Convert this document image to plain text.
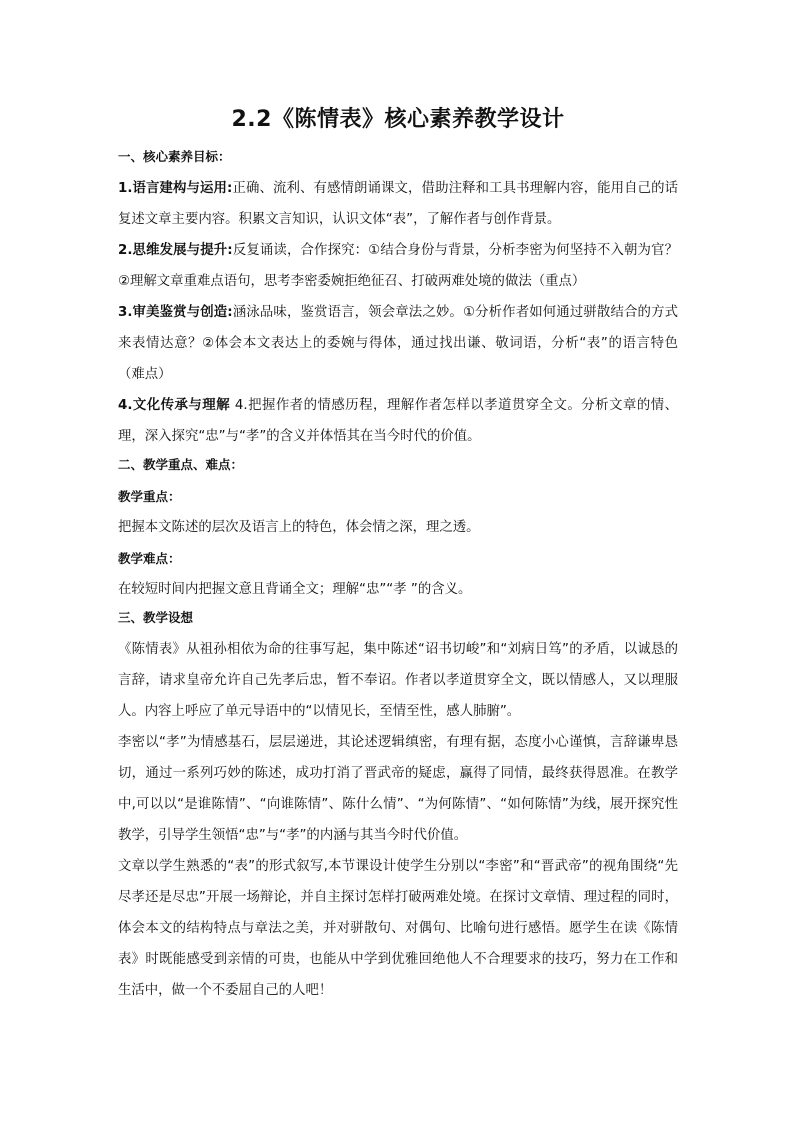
2.2《陈情表》核心素养教学设计
一、核心素养目标：

1.语言建构与运用:正确、流利、有感情朗诵课文，借助注释和工具书理解内容，能用自己的话复述文章主要内容。积累文言知识，认识文体“表”，了解作者与创作背景。

2.思维发展与提升:反复诵读，合作探究：①结合身份与背景，分析李密为何坚持不入朝为官？②理解文章重难点语句，思考李密委婉拒绝征召、打破两难处境的做法（重点）

3.审美鉴赏与创造:涵泳品味，鉴赏语言，领会章法之妙。①分析作者如何通过骈散结合的方式来表情达意？②体会本文表达上的委婉与得体，通过找出谦、敬词语，分析“表”的语言特色（难点）

4.文化传承与理解 4.把握作者的情感历程，理解作者怎样以孝道贯穿全文。分析文章的情、理，深入探究“忠”与“孝”的含义并体悟其在当今时代的价值。

二、教学重点、难点：
教学重点：

把握本文陈述的层次及语言上的特色，体会情之深，理之透。

教学难点：

在较短时间内把握文意且背诵全文；理解“忠”“孝 ”的含义。

三、教学设想

《陈情表》从祖孙相依为命的往事写起，集中陈述“诏书切峻”和“刘病日笃”的矛盾，以诚恳的言辞，请求皇帝允许自己先孝后忠，暂不奉诏。作者以孝道贯穿全文，既以情感人，又以理服人。内容上呼应了单元导语中的“以情见长，至情至性，感人肺腑”。

李密以“孝”为情感基石，层层递进，其论述逻辑缜密，有理有据，态度小心谨慎，言辞谦卑恳切，通过一系列巧妙的陈述，成功打消了晋武帝的疑虑，赢得了同情，最终获得恩准。在教学中,可以以“是谁陈情”、“向谁陈情”、陈什么情”、“为何陈情”、“如何陈情”为线，展开探究性教学，引导学生领悟“忠”与“孝”的内涵与其当今时代价值。

文章以学生熟悉的“表”的形式叙写,本节课设计使学生分别以“李密”和“晋武帝”的视角围绕“先尽孝还是尽忠”开展一场辩论，并自主探讨怎样打破两难处境。在探讨文章情、理过程的同时，体会本文的结构特点与章法之美，并对骈散句、对偶句、比喻句进行感悟。愿学生在读《陈情表》时既能感受到亲情的可贵，也能从中学到优雅回绝他人不合理要求的技巧，努力在工作和生活中，做一个不委屈自己的人吧！
